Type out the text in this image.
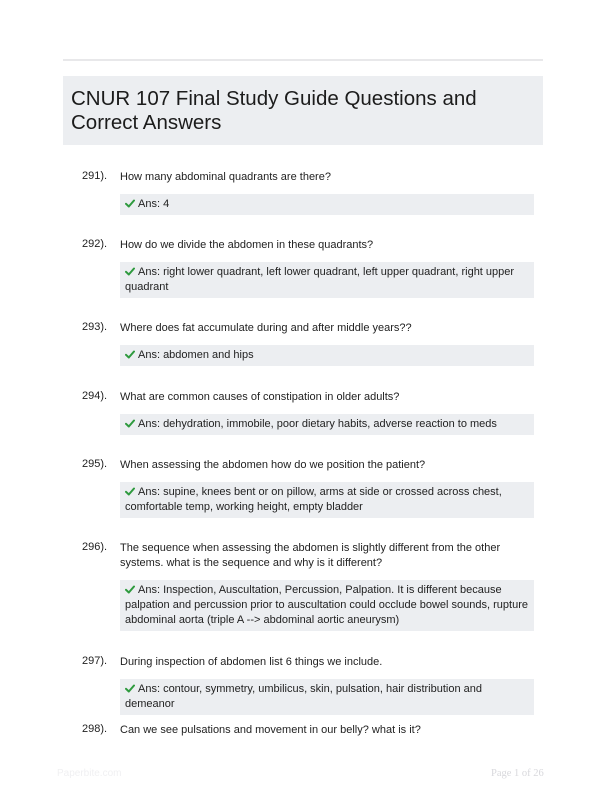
CNUR 107 Final Study Guide Questions and
Correct Answers
291). How many abdominal quadrants are there?
Ans: 4
292). How do we divide the abdomen in these quadrants?
Ans: right lower quadrant, left lower quadrant, left upper quadrant, right upper quadrant
293). Where does fat accumulate during and after middle years??
Ans: abdomen and hips
294). What are common causes of constipation in older adults?
Ans: dehydration, immobile, poor dietary habits, adverse reaction to meds
295). When assessing the abdomen how do we position the patient?
Ans: supine, knees bent or on pillow, arms at side or crossed across chest, comfortable temp, working height, empty bladder
296). The sequence when assessing the abdomen is slightly different from the other systems. what is the sequence and why is it different?
Ans: Inspection, Auscultation, Percussion, Palpation. It is different because palpation and percussion prior to auscultation could occlude bowel sounds, rupture abdominal aorta (triple A --> abdominal aortic aneurysm)
297). During inspection of abdomen list 6 things we include.
Ans: contour, symmetry, umbilicus, skin, pulsation, hair distribution and demeanor
298). Can we see pulsations and movement in our belly? what is it?
Paperbite.com	Page 1 of 26
